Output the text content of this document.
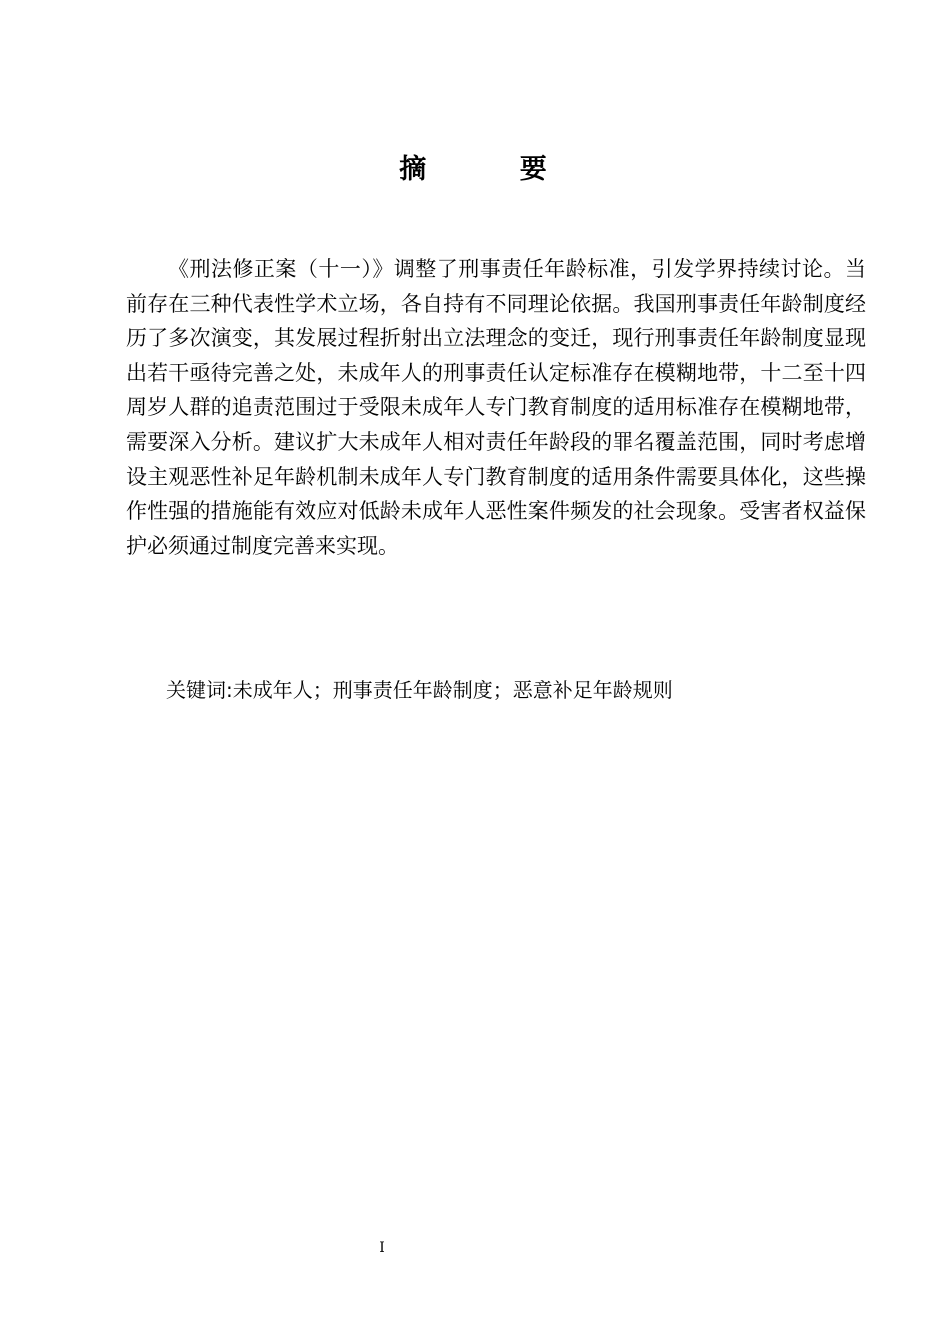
摘 要

《刑法修正案（十一）》调整了刑事责任年龄标准，引发学界持续讨论。当前存在三种代表性学术立场，各自持有不同理论依据。我国刑事责任年龄制度经历了多次演变，其发展过程折射出立法理念的变迁，现行刑事责任年龄制度显现出若干亟待完善之处，未成年人的刑事责任认定标准存在模糊地带，十二至十四周岁人群的追责范围过于受限未成年人专门教育制度的适用标准存在模糊地带，需要深入分析。建议扩大未成年人相对责任年龄段的罪名覆盖范围，同时考虑增设主观恶性补足年龄机制未成年人专门教育制度的适用条件需要具体化，这些操作性强的措施能有效应对低龄未成年人恶性案件频发的社会现象。受害者权益保护必须通过制度完善来实现。

关键词:未成年人；刑事责任年龄制度；恶意补足年龄规则
I
